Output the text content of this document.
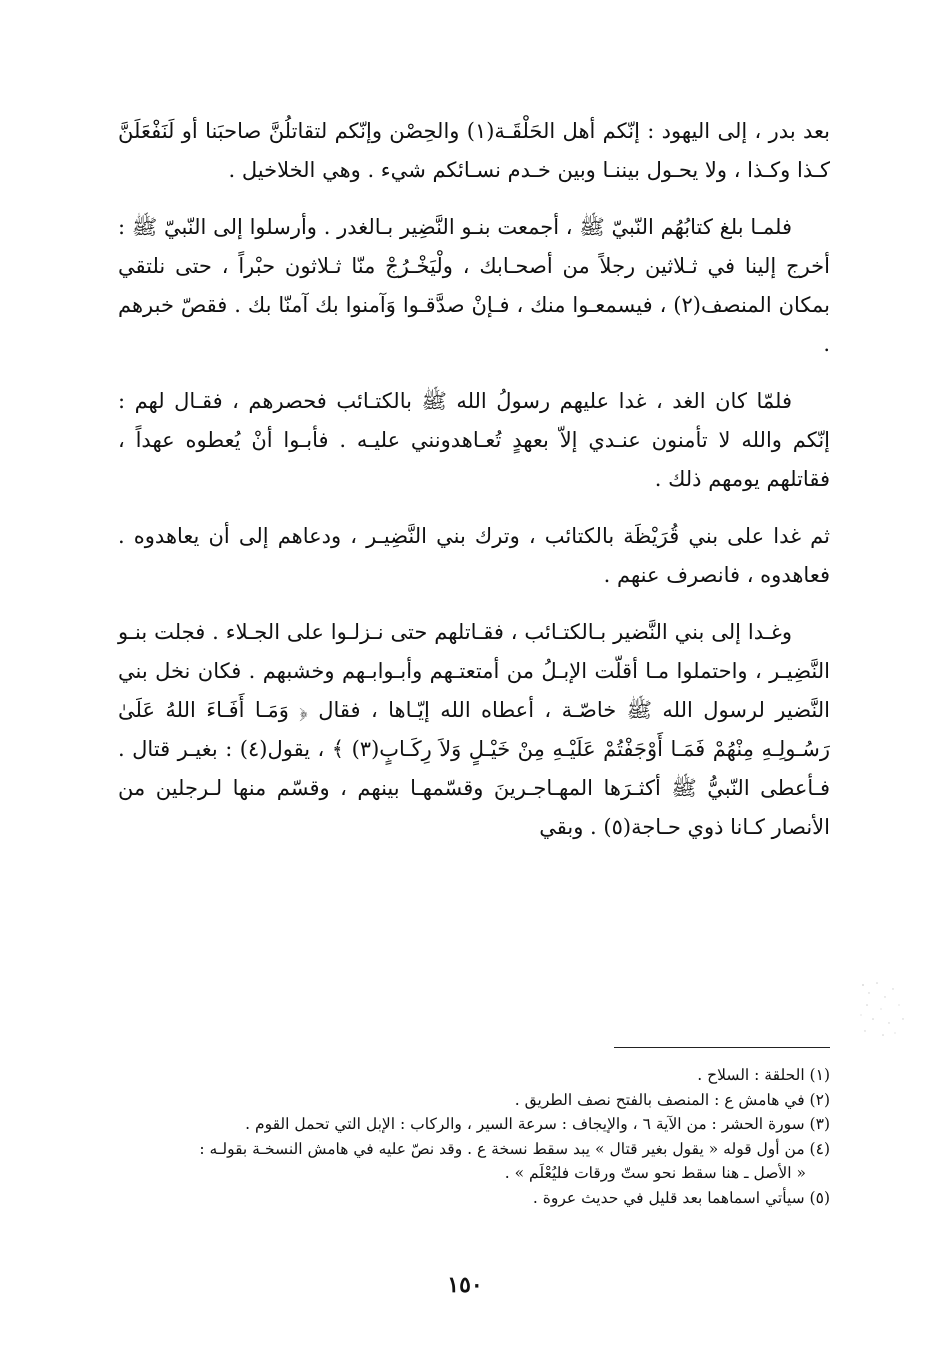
بعد بدر ، إلى اليهود : إنّكم أهل الحَلْقَـة(١) والحِصْن وإنّكم لتقاتلُنَّ صاحبَنا أو لَنَفْعَلَنَّ كـذا وكـذا ، ولا يحـول بيننـا وبين خـدم نسـائكم شيء . وهي الخلاخيل .

فلمـا بلغ كتابُهُم النّبيّ ﷺ ، أجمعت بنـو النَّضِير بـالغدر . وأرسلوا إلى النّبيّ ﷺ : أخرج إلينا في ثـلاثين رجلاً من أصحـابك ، ولْيَخْـرُجْ منّا ثـلاثون حبْراً ، حتى نلتقي بمكان المنصف(٢) ، فيسمعـوا منك ، فـإنْ صدَّقـوا وَآمنوا بك آمنّا بك . فقصّ خبرهم .

فلمّا كان الغد ، غدا عليهم رسولُ الله ﷺ بالكتـائب فحصرهم ، فقـال لهم : إنّكم والله لا تأمنون عنـدي إلاّ بعهدٍ تُعـاهدونني عليـه . فأبـوا أنْ يُعطوه عهداً ، فقاتلهم يومهم ذلك .

ثم غدا على بني قُرَيْظَة بالكتائب ، وترك بني النَّضِيـر ، ودعاهم إلى أن يعاهدوه . فعاهدوه ، فانصرف عنهم .

وغـدا إلى بني النَّضير بـالكتـائب ، فقـاتلهم حتى نـزلـوا على الجـلاء . فجلت بنـو النَّضِيـر ، واحتملوا مـا أقلّت الإبـلُ من أمتعتـهم وأبـوابـهم وخشبهم . فكان نخل بني النَّضير لرسول الله ﷺ خاصّـة ، أعطاه الله إيّـاها ، فقال ﴿ وَمَـا أَفَـاءَ اللهُ عَلَىٰ رَسُـولِـهِ مِنْهُمْ فَمَـا أَوْجَفْتُمْ عَلَيْـهِ مِنْ خَيْـلٍ وَلاَ رِكَـابٍ(٣) ﴾ ، يقول(٤) : بغيـر قتال . فـأعطى النّبيُّ ﷺ أكثـرَها المهـاجـرينَ وقسّمهـا بينهم ، وقسّم منها لـرجلين من الأنصار كـانا ذوي حـاجة(٥) . وبقي

(١) الحلقة : السلاح .

(٢) في هامش ع : المنصف بالفتح نصف الطريق .

(٣) سورة الحشر : من الآية ٦ ، والإيجاف : سرعة السير ، والركاب : الإبل التي تحمل القوم .

(٤) من أول قوله « يقول بغير قتال » يبد سقط نسخة ع . وقد نصّ عليه في هامش النسخـة بقولـه :

« الأصل ـ هنا سقط نحو ستّ ورقات فليُعْلَم » .

(٥) سيأتي اسماهما بعد قليل في حديث عروة .

١٥٠
